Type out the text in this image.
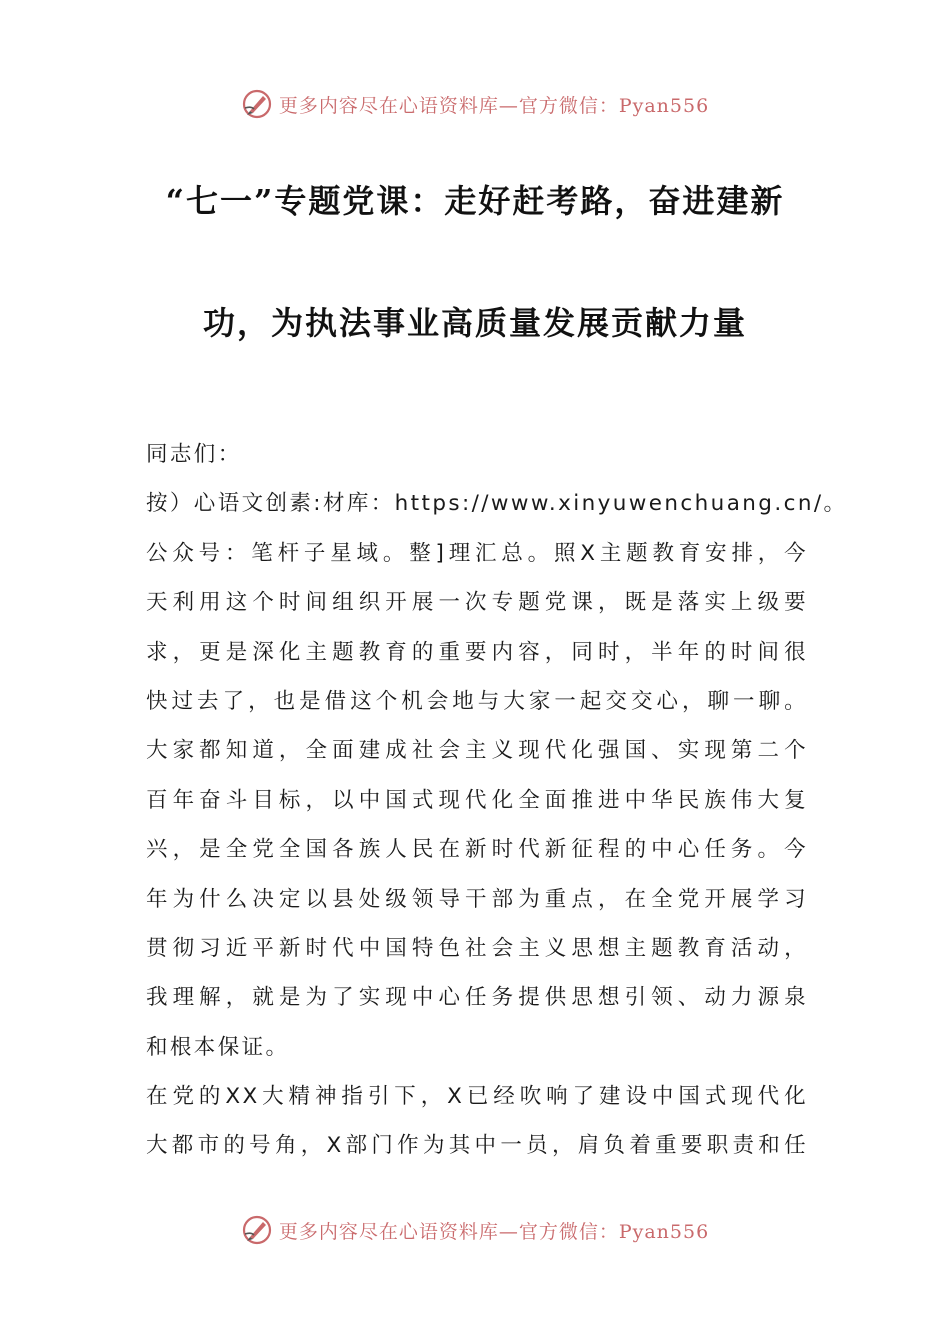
更多内容尽在心语资料库—官方微信：Pyan556
“七一”专题党课：走好赶考路，奋进建新
功，为执法事业高质量发展贡献力量
同志们：
按）心语文创素:材库：https://www.xinyuwenchuang.cn/。
公众号：笔杆子星域。整]理汇总。照X主题教育安排，今
天利用这个时间组织开展一次专题党课，既是落实上级要
求，更是深化主题教育的重要内容，同时，半年的时间很
快过去了，也是借这个机会地与大家一起交交心，聊一聊。
大家都知道，全面建成社会主义现代化强国、实现第二个
百年奋斗目标，以中国式现代化全面推进中华民族伟大复
兴，是全党全国各族人民在新时代新征程的中心任务。今
年为什么决定以县处级领导干部为重点，在全党开展学习
贯彻习近平新时代中国特色社会主义思想主题教育活动，
我理解，就是为了实现中心任务提供思想引领、动力源泉
和根本保证。
在党的XX大精神指引下，X已经吹响了建设中国式现代化
大都市的号角，X部门作为其中一员，肩负着重要职责和任
更多内容尽在心语资料库—官方微信：Pyan556
